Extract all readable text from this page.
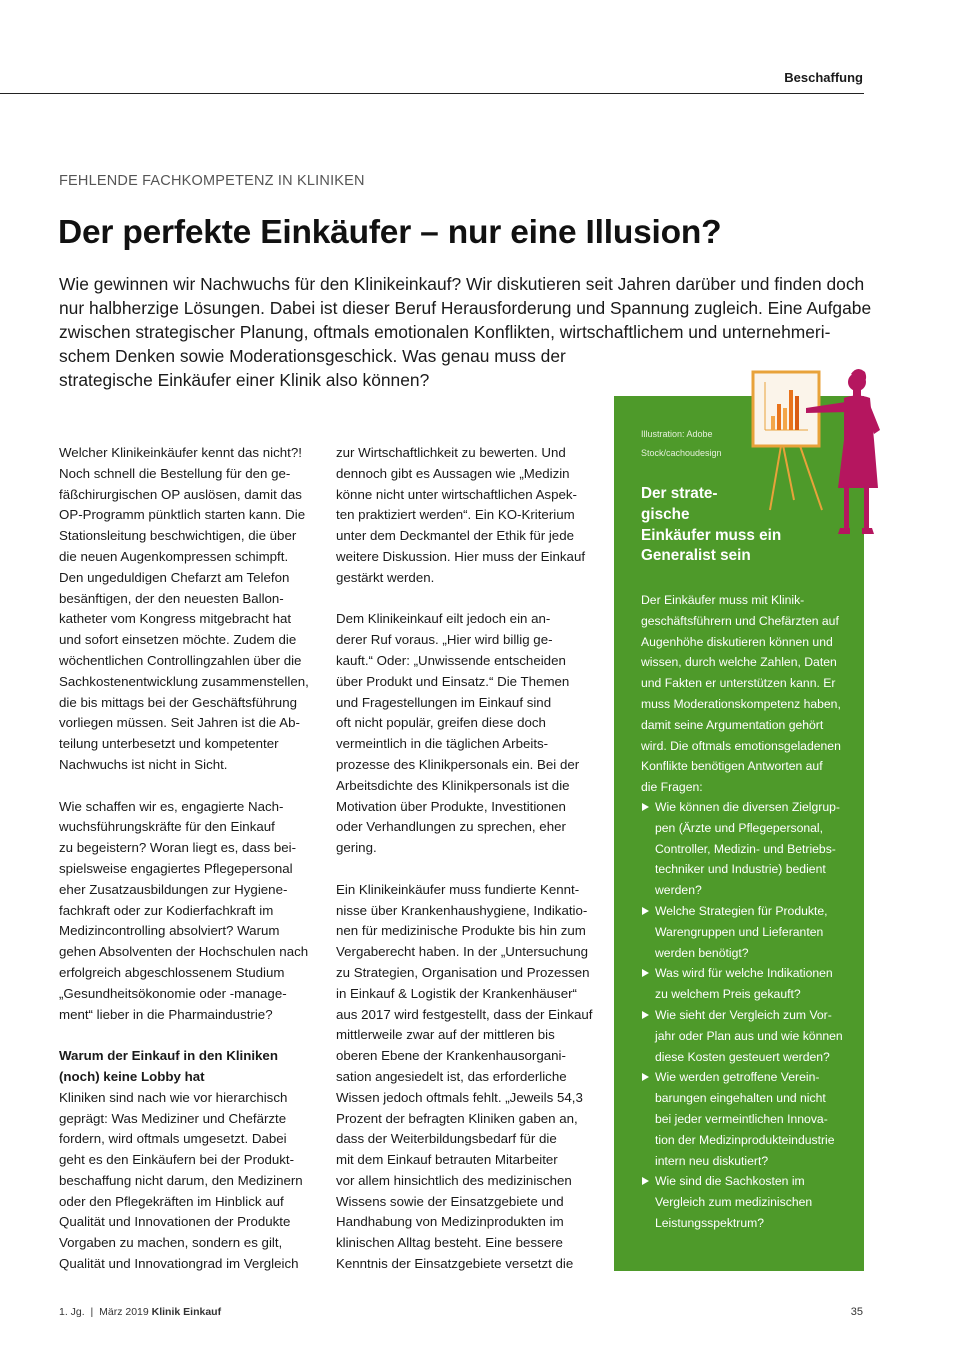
Beschaffung
FEHLENDE FACHKOMPETENZ IN KLINIKEN
Der perfekte Einkäufer – nur eine Illusion?
Wie gewinnen wir Nachwuchs für den Klinikeinkauf? Wir diskutieren seit Jahren darüber und finden doch
nur halbherzige Lösungen. Dabei ist dieser Beruf Herausforderung und Spannung zugleich. Eine Aufgabe
zwischen strategischer Planung, oftmals emotionalen Konflikten, wirtschaftlichem und unternehmeri-
schem Denken sowie Moderationsgeschick. Was genau muss der
strategische Einkäufer einer Klinik also können?
Welcher Klinikeinkäufer kennt das nicht?!
Noch schnell die Bestellung für den ge-
fäßchirurgischen OP auslösen, damit das
OP-Programm pünktlich starten kann. Die
Stationsleitung beschwichtigen, die über
die neuen Augenkompressen schimpft.
Den ungeduldigen Chefarzt am Telefon
besänftigen, der den neuesten Ballon-
katheter vom Kongress mitgebracht hat
und sofort einsetzen möchte. Zudem die
wöchentlichen Controllingzahlen über die
Sachkostenentwicklung zusammenstellen,
die bis mittags bei der Geschäftsführung
vorliegen müssen. Seit Jahren ist die Ab-
teilung unterbesetzt und kompetenter
Nachwuchs ist nicht in Sicht.
Wie schaffen wir es, engagierte Nach-
wuchsführungskräfte für den Einkauf
zu begeistern? Woran liegt es, dass bei-
spielsweise engagiertes Pflegepersonal
eher Zusatzausbildungen zur Hygiene-
fachkraft oder zur Kodierfachkraft im
Medizincontrolling absolviert? Warum
gehen Absolventen der Hochschulen nach
erfolgreich abgeschlossenem Studium
„Gesundheitsökonomie oder -manage-
ment“ lieber in die Pharmaindustrie?
Warum der Einkauf in den Kliniken
(noch) keine Lobby hat
Kliniken sind nach wie vor hierarchisch
geprägt: Was Mediziner und Chefärzte
fordern, wird oftmals umgesetzt. Dabei
geht es den Einkäufern bei der Produkt-
beschaffung nicht darum, den Medizinern
oder den Pflegekräften im Hinblick auf
Qualität und Innovationen der Produkte
Vorgaben zu machen, sondern es gilt,
Qualität und Innovationgrad im Vergleich
zur Wirtschaftlichkeit zu bewerten. Und
dennoch gibt es Aussagen wie „Medizin
könne nicht unter wirtschaftlichen Aspek-
ten praktiziert werden“. Ein KO-Kriterium
unter dem Deckmantel der Ethik für jede
weitere Diskussion. Hier muss der Einkauf
gestärkt werden.
Dem Klinikeinkauf eilt jedoch ein an-
derer Ruf voraus. „Hier wird billig ge-
kauft.“ Oder: „Unwissende entscheiden
über Produkt und Einsatz.“ Die Themen
und Fragestellungen im Einkauf sind
oft nicht populär, greifen diese doch
vermeintlich in die täglichen Arbeits-
prozesse des Klinikpersonals ein. Bei der
Arbeitsdichte des Klinikpersonals ist die
Motivation über Produkte, Investitionen
oder Verhandlungen zu sprechen, eher
gering.
Ein Klinikeinkäufer muss fundierte Kennt-
nisse über Krankenhaushygiene, Indikatio-
nen für medizinische Produkte bis hin zum
Vergaberecht haben. In der „Untersuchung
zu Strategien, Organisation und Prozessen
in Einkauf & Logistik der Krankenhäuser“
aus 2017 wird festgestellt, dass der Einkauf
mittlerweile zwar auf der mittleren bis
oberen Ebene der Krankenhausorgani-
sation angesiedelt ist, das erforderliche
Wissen jedoch oftmals fehlt. „Jeweils 54,3
Prozent der befragten Kliniken gaben an,
dass der Weiterbildungsbedarf für die
mit dem Einkauf betrauten Mitarbeiter
vor allem hinsichtlich des medizinischen
Wissens sowie der Einsatzgebiete und
Handhabung von Medizinprodukten im
klinischen Alltag besteht. Eine bessere
Kenntnis der Einsatzgebiete versetzt die
Illustration: Adobe
Stock/cachoudesign
Der strate-
gische
Einkäufer muss ein
Generalist sein
Der Einkäufer muss mit Klinik-
geschäftsführern und Chefärzten auf
Augenhöhe diskutieren können und
wissen, durch welche Zahlen, Daten
und Fakten er unterstützen kann. Er
muss Moderationskompetenz haben,
damit seine Argumentation gehört
wird. Die oftmals emotionsgeladenen
Konflikte benötigen Antworten auf
die Fragen:
Wie können die diversen Zielgrup-
pen (Ärzte und Pflegepersonal,
Controller, Medizin- und Betriebs-
techniker und Industrie) bedient
werden?
Welche Strategien für Produkte,
Warengruppen und Lieferanten
werden benötigt?
Was wird für welche Indikationen
zu welchem Preis gekauft?
Wie sieht der Vergleich zum Vor-
jahr oder Plan aus und wie können
diese Kosten gesteuert werden?
Wie werden getroffene Verein-
barungen eingehalten und nicht
bei jeder vermeintlichen Innova-
tion der Medizinprodukteindustrie
intern neu diskutiert?
Wie sind die Sachkosten im
Vergleich zum medizinischen
Leistungsspektrum?
1. Jg. | März 2019 Klinik Einkauf	35
